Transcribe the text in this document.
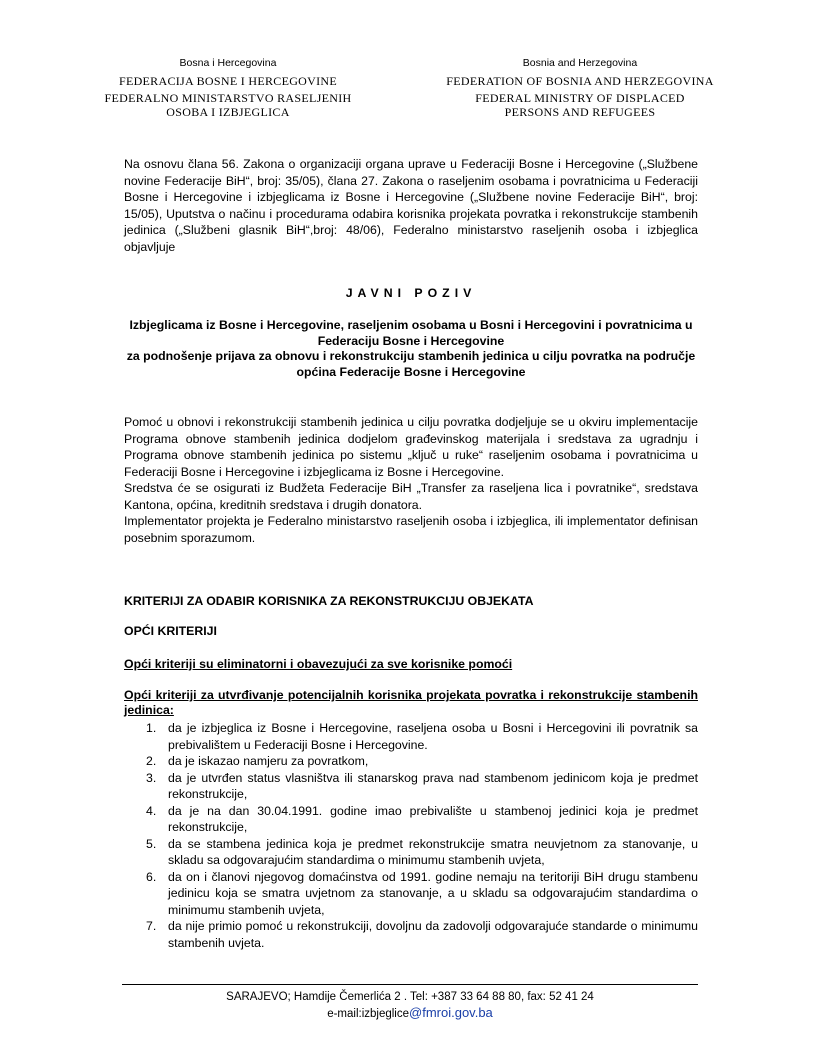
Bosna i Hercegovina

FEDERACIJA BOSNE I HERCEGOVINE

FEDERALNO MINISTARSTVO RASELJENIH

OSOBA I IZBJEGLICA

Bosnia and Herzegovina

FEDERATION OF BOSNIA AND HERZEGOVINA

FEDERAL MINISTRY OF DISPLACED

PERSONS AND REFUGEES

Na osnovu člana 56. Zakona o organizaciji organa uprave u Federaciji Bosne i Hercegovine („Službene novine Federacije BiH“, broj: 35/05), člana 27. Zakona o raseljenim osobama i povratnicima u Federaciji Bosne i Hercegovine i izbjeglicama iz Bosne i Hercegovine („Službene novine Federacije BiH“, broj: 15/05), Uputstva o načinu i procedurama odabira korisnika projekata povratka i rekonstrukcije stambenih jedinica („Službeni glasnik BiH“,broj: 48/06), Federalno ministarstvo raseljenih osoba i izbjeglica objavljuje
JAVNI POZIV

Izbjeglicama iz Bosne i Hercegovine, raseljenim osobama u Bosni i Hercegovini i povratnicima u Federaciju Bosne i Hercegovine

za podnošenje prijava za obnovu i rekonstrukciju stambenih jedinica u cilju povratka na područje općina Federacije Bosne i Hercegovine

Pomoć u obnovi i rekonstrukciji stambenih jedinica u cilju povratka dodjeljuje se u okviru implementacije Programa obnove stambenih jedinica dodjelom građevinskog materijala i sredstava za ugradnju i Programa obnove stambenih jedinica po sistemu „ključ u ruke“ raseljenim osobama i povratnicima u Federaciji Bosne i Hercegovine i izbjeglicama iz Bosne i Hercegovine.

Sredstva će se osigurati iz Budžeta Federacije BiH „Transfer za raseljena lica i povratnike“, sredstava Kantona, općina, kreditnih sredstava i drugih donatora.

Implementator projekta je Federalno ministarstvo raseljenih osoba i izbjeglica, ili implementator definisan posebnim sporazumom.

KRITERIJI ZA ODABIR KORISNIKA ZA REKONSTRUKCIJU OBJEKATA

OPĆI KRITERIJI

Opći kriteriji su eliminatorni i obavezujući za sve korisnike pomoći

Opći kriteriji za utvrđivanje potencijalnih korisnika projekata povratka i rekonstrukcije stambenih jedinica:

1. da je izbjeglica iz Bosne i Hercegovine, raseljena osoba u Bosni i Hercegovini ili povratnik sa prebivalištem u Federaciji Bosne i Hercegovine.
2. da je iskazao namjeru za povratkom,
3. da je utvrđen status vlasništva ili stanarskog prava nad stambenom jedinicom koja je predmet rekonstrukcije,
4. da je na dan 30.04.1991. godine imao prebivalište u stambenoj jedinici koja je predmet rekonstrukcije,
5. da se stambena jedinica koja je predmet rekonstrukcije smatra neuvjetnom za stanovanje, u skladu sa odgovarajućim standardima o minimumu stambenih uvjeta,
6. da on i članovi njegovog domaćinstva od 1991. godine nemaju na teritoriji BiH drugu stambenu jedinicu koja se smatra uvjetnom za stanovanje, a u skladu sa odgovarajućim standardima o minimumu stambenih uvjeta,
7. da nije primio pomoć u rekonstrukciji, dovoljnu da zadovolji odgovarajuće standarde o minimumu stambenih uvjeta.
SARAJEVO; Hamdije Čemerlića 2 . Tel: +387 33 64 88 80, fax: 52 41 24
e-mail:izbjeglice@fmroi.gov.ba
